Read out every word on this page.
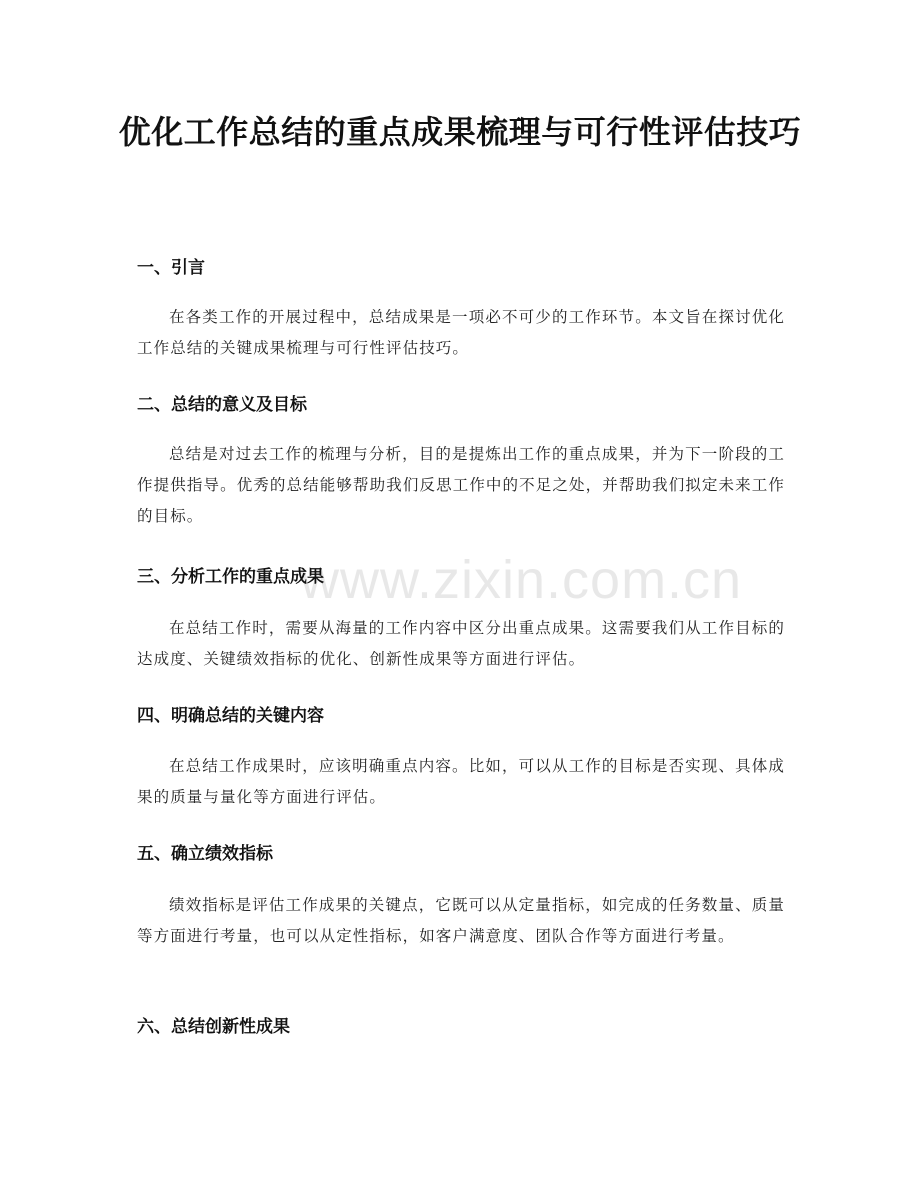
优化工作总结的重点成果梳理与可行性评估技巧
www.zixin.com.cn
一、引言
在各类工作的开展过程中，总结成果是一项必不可少的工作环节。本文旨在探讨优化工作总结的关键成果梳理与可行性评估技巧。
二、总结的意义及目标
总结是对过去工作的梳理与分析，目的是提炼出工作的重点成果，并为下一阶段的工作提供指导。优秀的总结能够帮助我们反思工作中的不足之处，并帮助我们拟定未来工作的目标。
三、分析工作的重点成果
在总结工作时，需要从海量的工作内容中区分出重点成果。这需要我们从工作目标的达成度、关键绩效指标的优化、创新性成果等方面进行评估。
四、明确总结的关键内容
在总结工作成果时，应该明确重点内容。比如，可以从工作的目标是否实现、具体成果的质量与量化等方面进行评估。
五、确立绩效指标
绩效指标是评估工作成果的关键点，它既可以从定量指标，如完成的任务数量、质量等方面进行考量，也可以从定性指标，如客户满意度、团队合作等方面进行考量。
六、总结创新性成果
